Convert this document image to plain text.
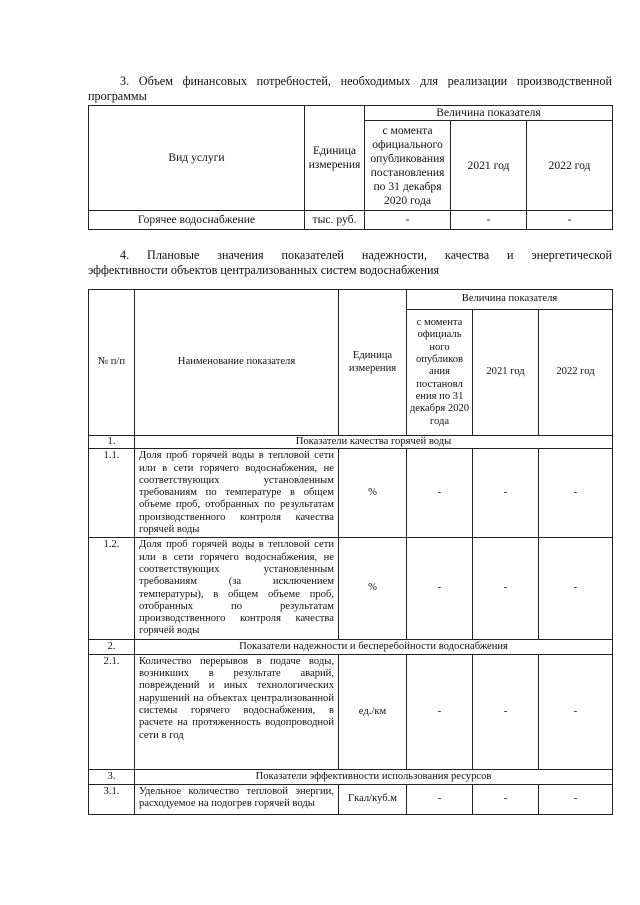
3. Объем финансовых потребностей, необходимых для реализации производственной
программы

Вид услуги	Единица измерения	Величина показателя		
		с момента официального опубликования постановления по 31 декабря 2020 года	2021 год	2022 год
Горячее водоснабжение	тыс. руб.	-	-	-

4. Плановые значения показателей надежности, качества и энергетической
эффективности объектов централизованных систем водоснабжения

№ п/п	Наименование показателя	Единица измерения	Величина показателя		
			с момента официаль ного опубликов ания постановл ения по 31 декабря 2020 года	2021 год	2022 год
1.	Показатели качества горячей воды				
1.1.	Доля проб горячей воды в тепловой сети или в сети горячего водоснабжения, не соответствующих установленным требованиям по температуре в общем объеме проб, отобранных по результатам производственного контроля качества горячей воды	%	-	-	-
1.2.	Доля проб горячей воды в тепловой сети или в сети горячего водоснабжения, не соответствующих установленным требованиям (за исключением температуры), в общем объеме проб, отобранных по результатам производственного контроля качества горячей воды	%	-	-	-
2.	Показатели надежности и бесперебойности водоснабжения				
2.1.	Количество перерывов в подаче воды, возникших в результате аварий, повреждений и иных технологических нарушений на объектах централизованной системы горячего водоснабжения, в расчете на протяженность водопроводной сети в год	ед./км	-	-	-
3.	Показатели эффективности использования ресурсов				
3.1.	Удельное количество тепловой энергии, расходуемое на подогрев горячей воды	Гкал/куб.м	-	-	-
